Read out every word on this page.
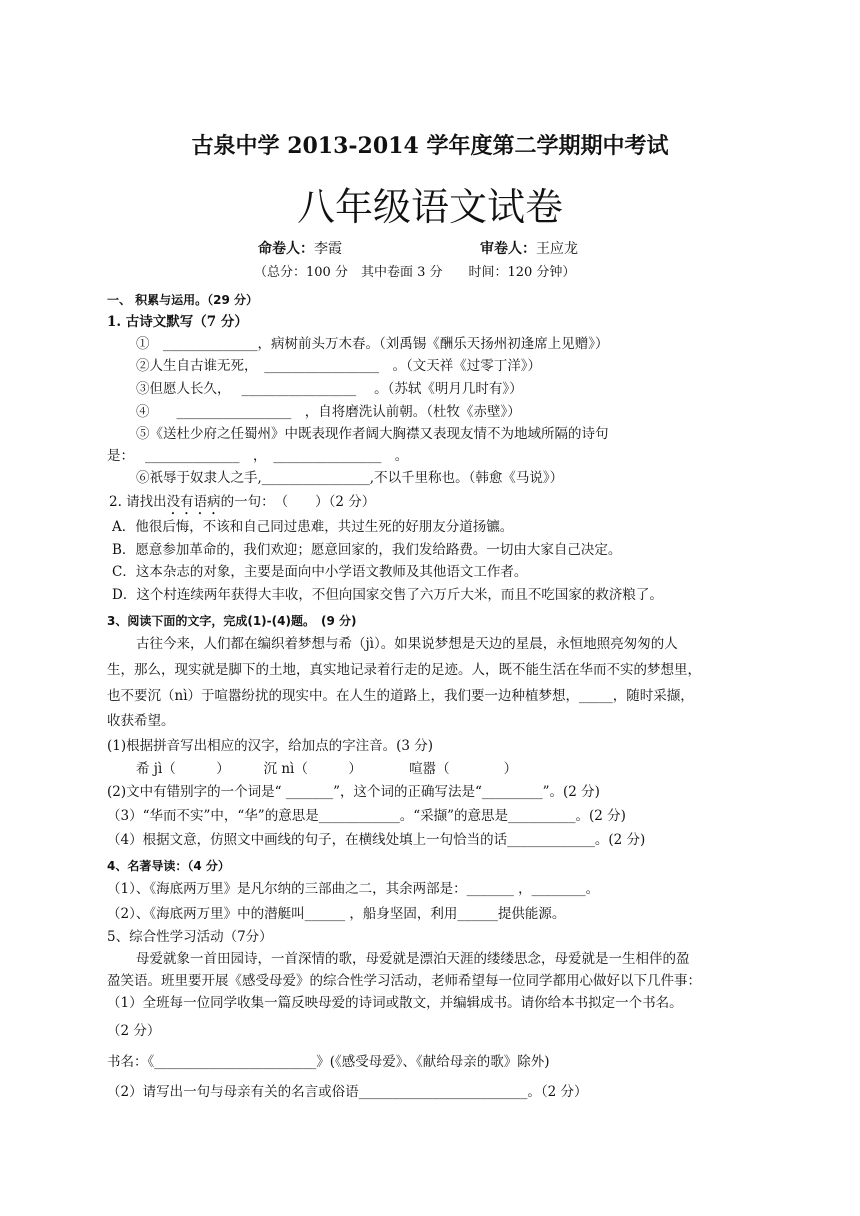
古泉中学 2013-2014 学年度第二学期期中考试
八年级语文试卷
命卷人：李霞	审卷人：王应龙
（总分：100 分　其中卷面 3 分　　时间：120 分钟）
一、 积累与运用。（29 分）
1. 古诗文默写（7 分）
①　______________，病树前头万木春。（刘禹锡《酬乐天扬州初逢席上见赠》）
②人生自古谁无死，　_________________　。（文天祥《过零丁洋》）
③但愿人长久，　 _________________　 。（苏轼《明月几时有》）
④　　_________________　，自将磨洗认前朝。（杜牧《赤壁》）
⑤《送杜少府之任蜀州》中既表现作者阔大胸襟又表现友情不为地域所隔的诗句
是：　 ______________　，　________________　。
⑥祇辱于奴隶人之手,________________,不以千里称也。（韩愈《马说》）
2. 请找出没有语病的一句：　（　　）（2 分）
A．他很后悔，不该和自己同过患难，共过生死的好朋友分道扬镳。
B．愿意参加革命的，我们欢迎；愿意回家的，我们发给路费。一切由大家自己决定。
C．这本杂志的对象，主要是面向中小学语文教师及其他语文工作者。
D．这个村连续两年获得大丰收，不但向国家交售了六万斤大米，而且不吃国家的救济粮了。
3、阅读下面的文字，完成(1)-(4)题。　(9 分)
古往今来，人们都在编织着梦想与希（jì）。如果说梦想是天边的星晨，永恒地照亮匆匆的人
生，那么，现实就是脚下的土地，真实地记录着行走的足迹。人，既不能生活在华而不实的梦想里，
也不要沉（nì）于喧嚣纷扰的现实中。在人生的道路上，我们要一边种植梦想，_____，随时采撷，
收获希望。
(1)根据拼音写出相应的汉字，给加点的字注音。(3 分)
希 jì（　　　）　　　沉 nì（　　　）　　　　喧嚣（　　　　）
(2)文中有错别字的一个词是“ _______”，这个词的正确写法是“_________”。(2 分)
（3）“华而不实”中，“华”的意思是____________。“采撷”的意思是__________。(2 分)
（4）根据文意，仿照文中画线的句子，在横线处填上一句恰当的话_____________。(2 分)
4、名著导读：（4 分）
（1）、《海底两万里》是凡尔纳的三部曲之二，其余两部是：_______ ，________。
（2）、《海底两万里》中的潜艇叫______ ，船身坚固，利用______提供能源。
5、综合性学习活动（7分）
母爱就象一首田园诗，一首深情的歌，母爱就是漂泊天涯的缕缕思念，母爱就是一生相伴的盈
盈笑语。班里要开展《感受母爱》的综合性学习活动，老师希望每一位同学都用心做好以下几件事：
（1）全班每一位同学收集一篇反映母爱的诗词或散文，并编辑成书。请你给本书拟定一个书名。
（2 分）
书名：《________________________》(《感受母爱》、《献给母亲的歌》除外)
（2）请写出一句与母亲有关的名言或俗语_________________________。（2 分）
